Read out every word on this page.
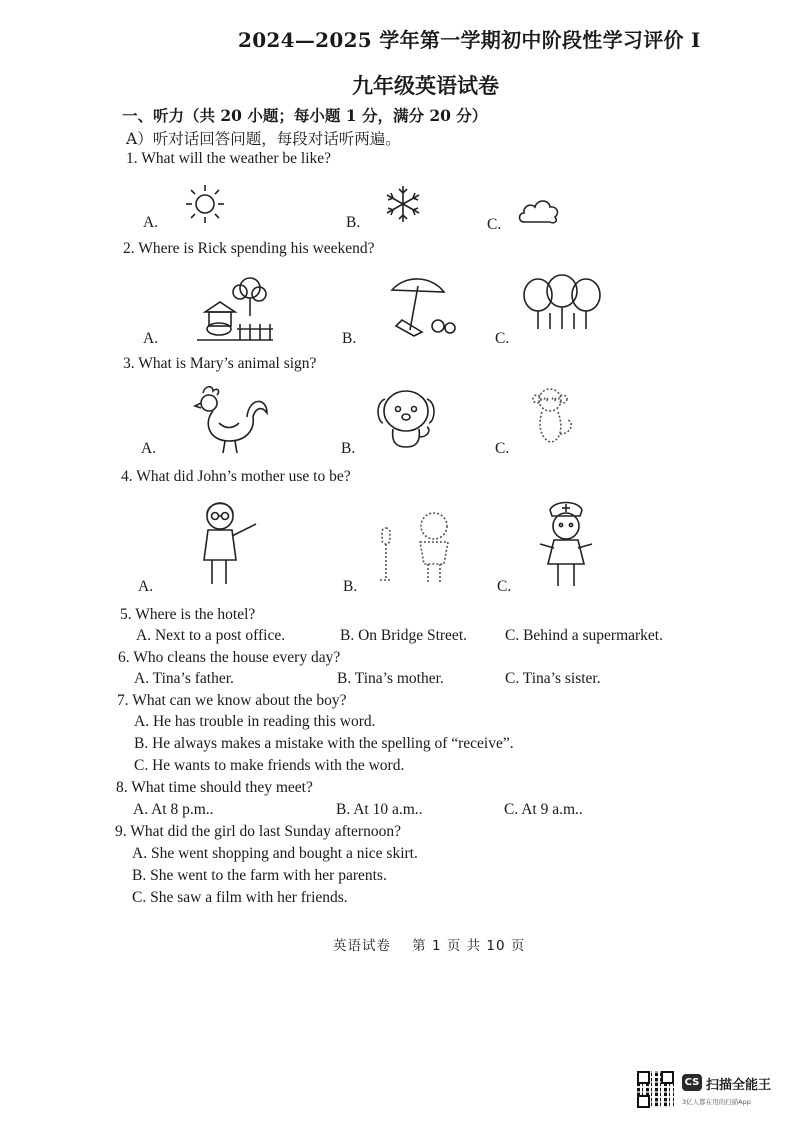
2024—2025 学年第一学期初中阶段性学习评价 I
九年级英语试卷
一、听力（共 20 小题；每小题 1 分，满分 20 分）
A）听对话回答问题，每段对话听两遍。
1. What will the weather be like?
A.	B.	C.
2. Where is Rick spending his weekend?
A.	B.	C.
3. What is Mary’s animal sign?
A.	B.	C.
4. What did John’s mother use to be?
A.	B.	C.
5. Where is the hotel?
A. Next to a post office.	B. On Bridge Street. C. Behind a supermarket.
6. Who cleans the house every day?
A. Tina’s father.	B. Tina’s mother.	C. Tina’s sister.
7. What can we know about the boy?
A. He has trouble in reading this word.
B. He always makes a mistake with the spelling of “receive”.
C. He wants to make friends with the word.
8. What time should they meet?
A. At 8 p.m..	B. At 10 a.m..	C. At 9 a.m..
9. What did the girl do last Sunday afternoon?
A. She went shopping and bought a nice skirt.
B. She went to the farm with her parents.
C. She saw a film with her friends.
英语试卷    第 1 页 共 10 页
CS 扫描全能王
3亿人都在用的扫描App
